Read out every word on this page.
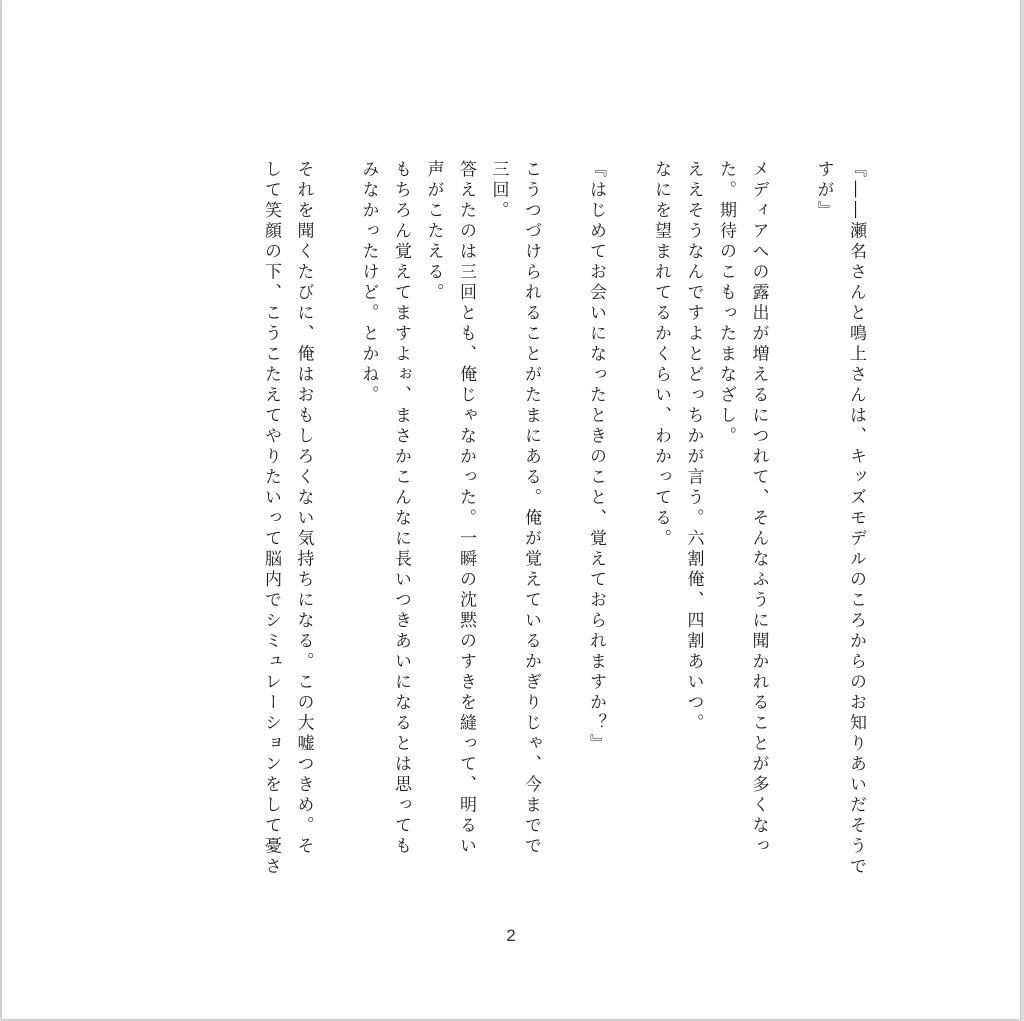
『――瀬名さんと鳴上さんは、キッズモデルのころからのお知りあいだそうで
すが』

メディアへの露出が増えるにつれて、そんなふうに聞かれることが多くなっ
た。期待のこもったまなざし。
ええそうなんですよとどっちかが言う。六割俺、四割あいつ。
なにを望まれてるかくらい、わかってる。

『はじめてお会いになったときのこと、覚えておられますか？』

こうつづけられることがたまにある。俺が覚えているかぎりじゃ、今までで
三回。
答えたのは三回とも、俺じゃなかった。一瞬の沈黙のすきを縫って、明るい
声がこたえる。
もちろん覚えてますよぉ、まさかこんなに長いつきあいになるとは思っても
みなかったけど。とかね。

それを聞くたびに、俺はおもしろくない気持ちになる。この大嘘つきめ。そ
して笑顔の下、こうこたえてやりたいって脳内でシミュレーションをして憂さ
2
